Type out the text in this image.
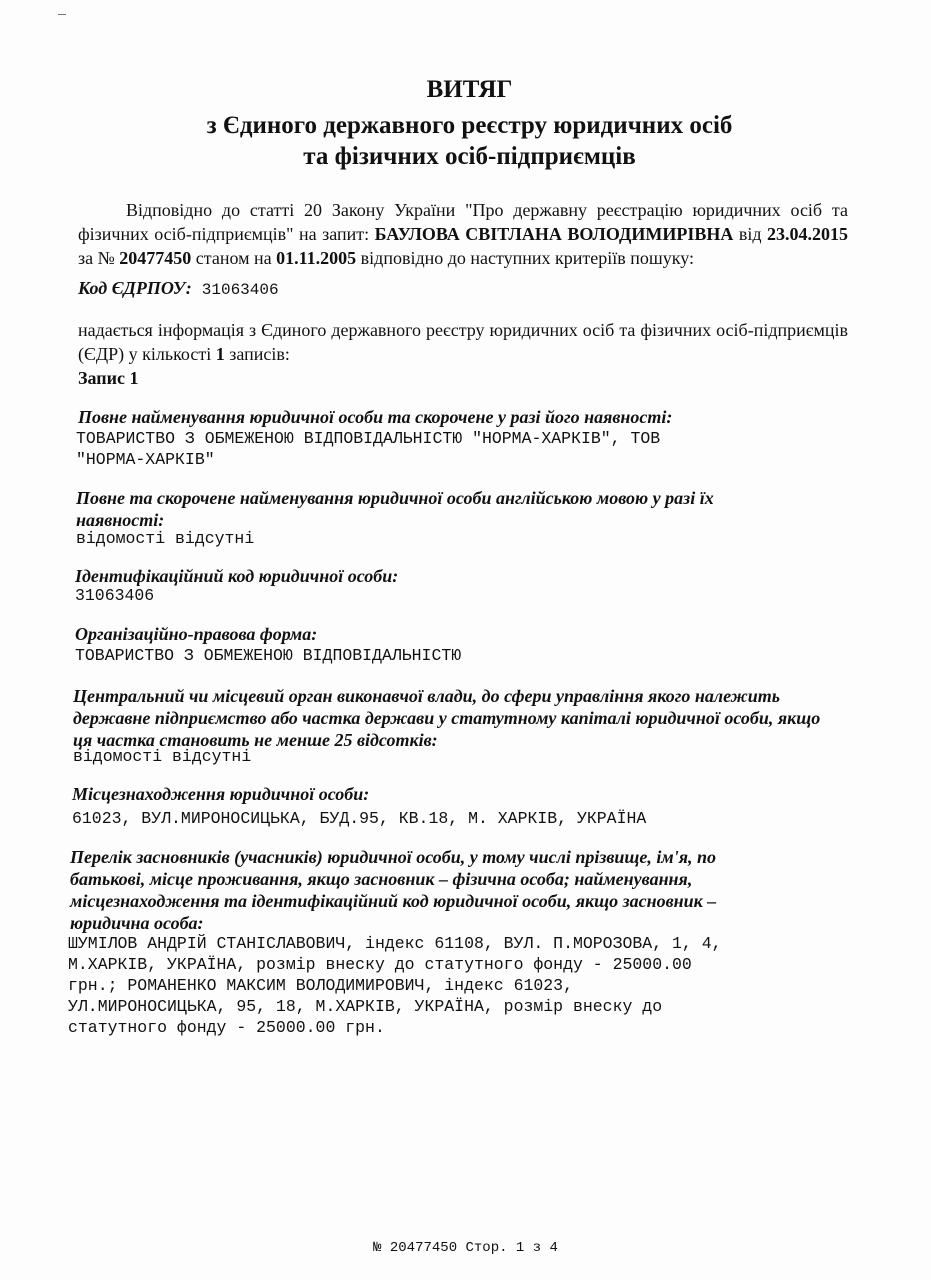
ВИТЯГ
з Єдиного державного реєстру юридичних осіб
та фізичних осіб-підприємців
Відповідно до статті 20 Закону України "Про державну реєстрацію юридичних осіб та фізичних осіб-підприємців" на запит: БАУЛОВА СВІТЛАНА ВОЛОДИМИРІВНА від 23.04.2015 за № 20477450 станом на 01.11.2005 відповідно до наступних критеріїв пошуку:
Код ЄДРПОУ: 31063406
надається інформація з Єдиного державного реєстру юридичних осіб та фізичних осіб-підприємців (ЄДР) у кількості 1 записів:
Запис 1
Повне найменування юридичної особи та скорочене у разі його наявності:
ТОВАРИСТВО З ОБМЕЖЕНОЮ ВІДПОВІДАЛЬНІСТЮ "НОРМА-ХАРКІВ", ТОВ
"НОРМА-ХАРКІВ"
Повне та скорочене найменування юридичної особи англійською мовою у разі їх наявності:
відомості відсутні
Ідентифікаційний код юридичної особи:
31063406
Організаційно-правова форма:
ТОВАРИСТВО З ОБМЕЖЕНОЮ ВІДПОВІДАЛЬНІСТЮ
Центральний чи місцевий орган виконавчої влади, до сфери управління якого належить державне підприємство або частка держави у статутному капіталі юридичної особи, якщо ця частка становить не менше 25 відсотків:
відомості відсутні
Місцезнаходження юридичної особи:
61023, ВУЛ.МИРОНОСИЦЬКА, БУД.95, КВ.18, М. ХАРКІВ, УКРАЇНА
Перелік засновників (учасників) юридичної особи, у тому числі прізвище, ім'я, по батькові, місце проживання, якщо засновник – фізична особа; найменування, місцезнаходження та ідентифікаційний код юридичної особи, якщо засновник – юридична особа:
ШУМІЛОВ АНДРІЙ СТАНІСЛАВОВИЧ, індекс 61108, ВУЛ. П.МОРОЗОВА, 1, 4,
М.ХАРКІВ, УКРАЇНА, розмір внеску до статутного фонду - 25000.00
грн.; РОМАНЕНКО МАКСИМ ВОЛОДИМИРОВИЧ, індекс 61023,
УЛ.МИРОНОСИЦЬКА, 95, 18, М.ХАРКІВ, УКРАЇНА, розмір внеску до
статутного фонду - 25000.00 грн.
№ 20477450 Стор. 1 з 4
